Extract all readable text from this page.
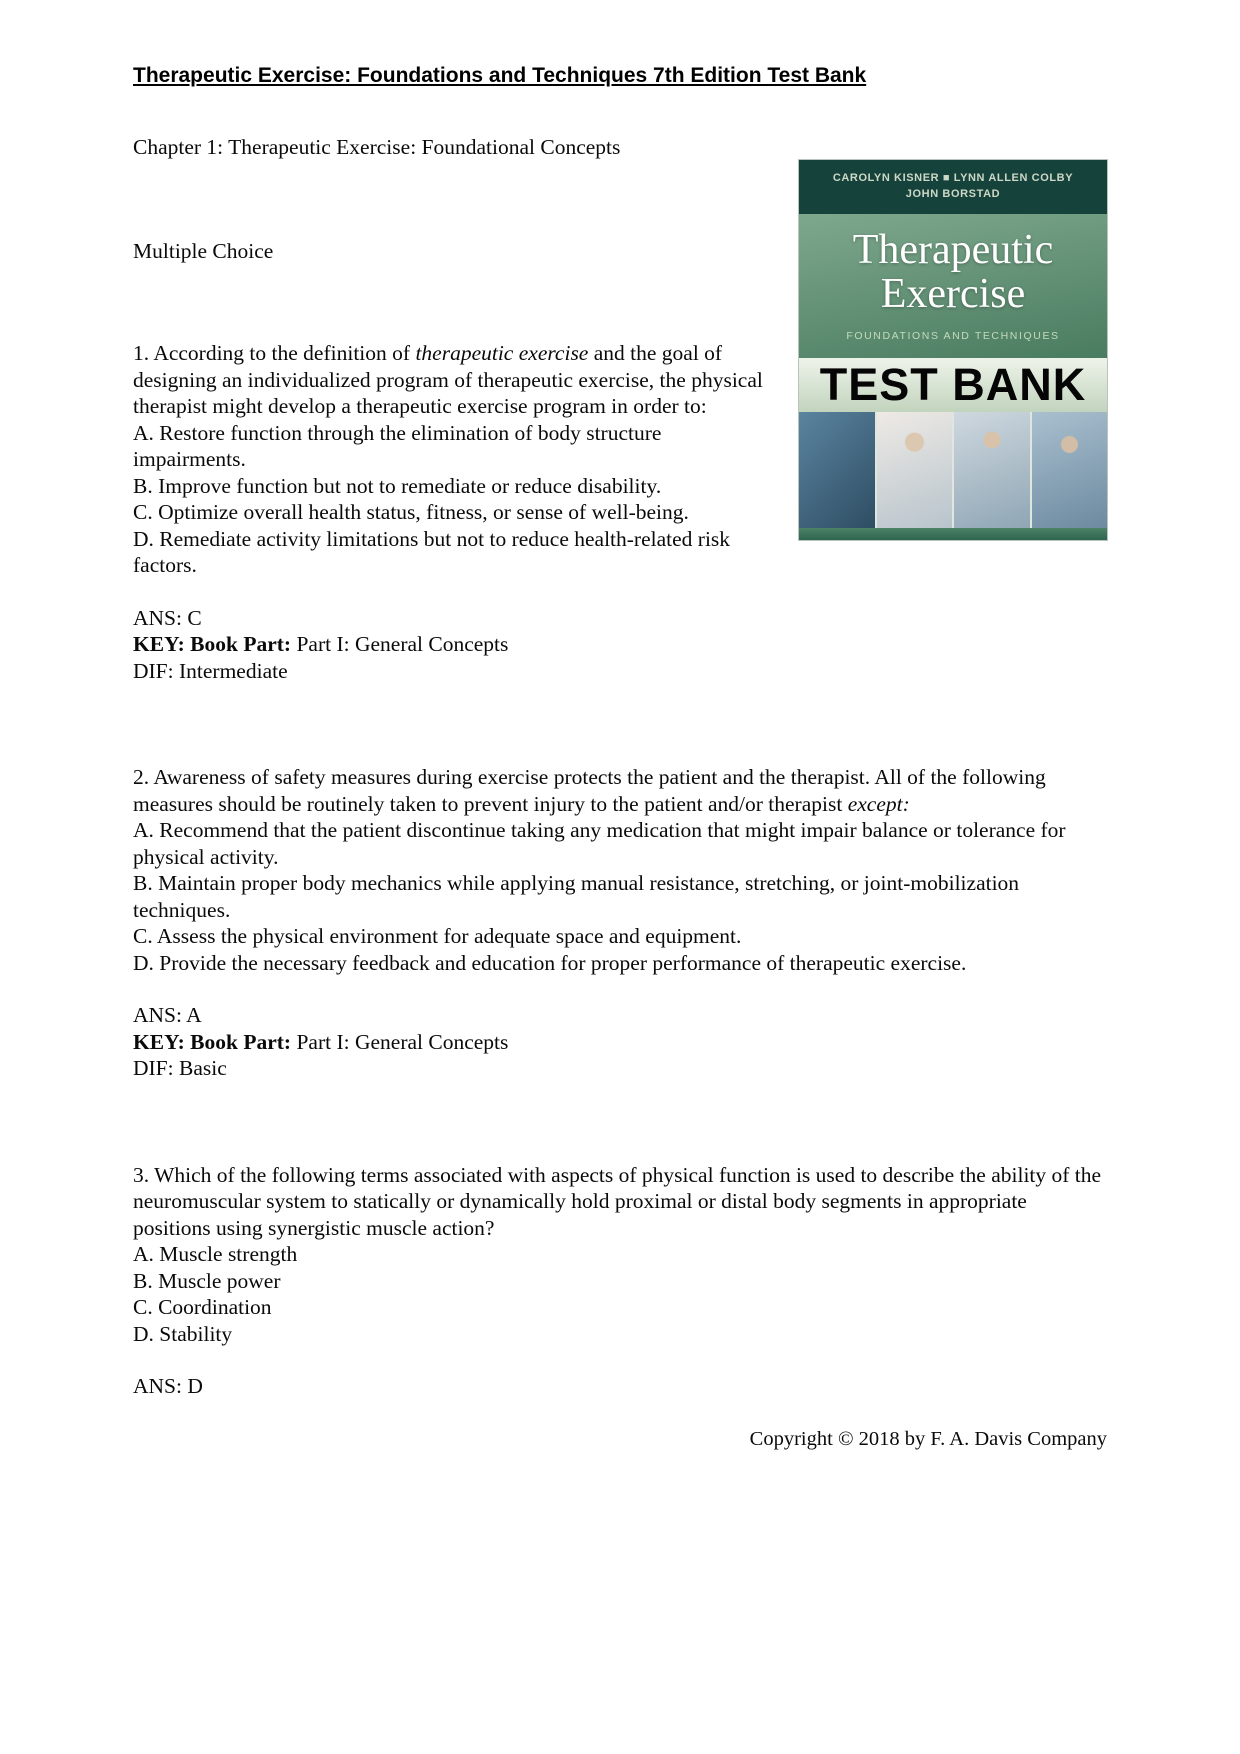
Therapeutic Exercise: Foundations and Techniques 7th Edition Test Bank
CAROLYN KISNER ■ LYNN ALLEN COLBY
JOHN BORSTAD
Therapeutic
Exercise
FOUNDATIONS AND TECHNIQUES
TEST BANK

Chapter 1: Therapeutic Exercise: Foundational Concepts

Multiple Choice

1. According to the definition of therapeutic exercise and the goal of designing an individualized program of therapeutic exercise, the physical therapist might develop a therapeutic exercise program in order to:

A. Restore function through the elimination of body structure impairments.
B. Improve function but not to remediate or reduce disability.
C. Optimize overall health status, fitness, or sense of well-being.
D. Remediate activity limitations but not to reduce health-related risk factors.
ANS: C
KEY: Book Part: Part I: General Concepts
DIF: Intermediate

2. Awareness of safety measures during exercise protects the patient and the therapist. All of the following measures should be routinely taken to prevent injury to the patient and/or therapist except:

A. Recommend that the patient discontinue taking any medication that might impair balance or tolerance for physical activity.
B. Maintain proper body mechanics while applying manual resistance, stretching, or joint-mobilization techniques.
C. Assess the physical environment for adequate space and equipment.
D. Provide the necessary feedback and education for proper performance of therapeutic exercise.
ANS: A
KEY: Book Part: Part I: General Concepts
DIF: Basic

3. Which of the following terms associated with aspects of physical function is used to describe the ability of the neuromuscular system to statically or dynamically hold proximal or distal body segments in appropriate positions using synergistic muscle action?

A. Muscle strength
B. Muscle power
C. Coordination
D. Stability
ANS: D

Copyright © 2018 by F. A. Davis Company
